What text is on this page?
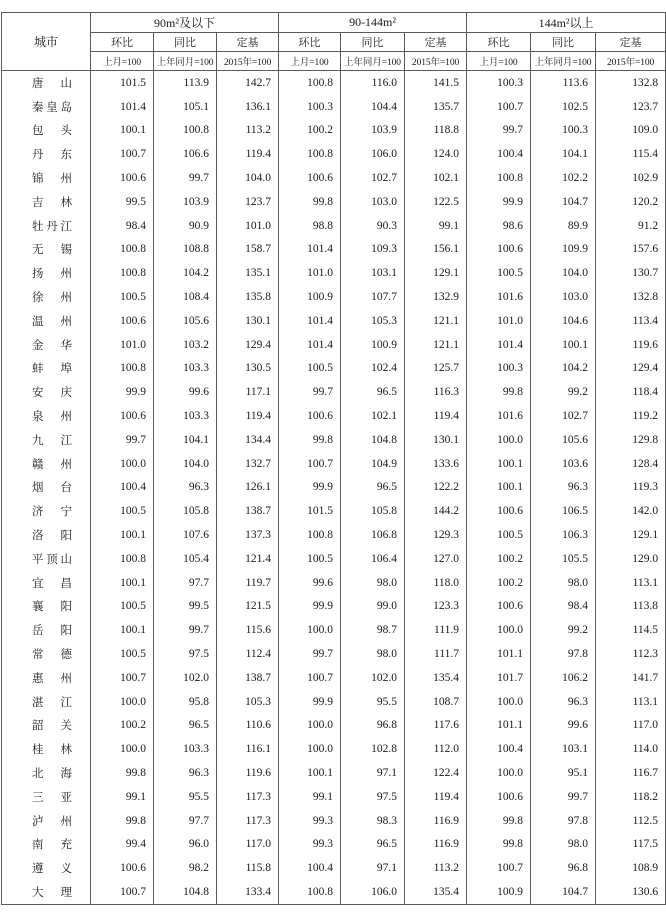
城市	90m²及以下			90-144m²			144m²以上		
	环比	同比	定基	环比	同比	定基	环比	同比	定基
	上月=100	上年同月=100	2015年=100	上月=100	上年同月=100	2015年=100	上月=100	上年同月=100	2015年=100
唐 山	101.5	113.9	142.7	100.8	116.0	141.5	100.3	113.6	132.8
秦皇岛	101.4	105.1	136.1	100.3	104.4	135.7	100.7	102.5	123.7
包 头	100.1	100.8	113.2	100.2	103.9	118.8	99.7	100.3	109.0
丹 东	100.7	106.6	119.4	100.8	106.0	124.0	100.4	104.1	115.4
锦 州	100.6	99.7	104.0	100.6	102.7	102.1	100.8	102.2	102.9
吉 林	99.5	103.9	123.7	99.8	103.0	122.5	99.9	104.7	120.2
牡丹江	98.4	90.9	101.0	98.8	90.3	99.1	98.6	89.9	91.2
无 锡	100.8	108.8	158.7	101.4	109.3	156.1	100.6	109.9	157.6
扬 州	100.8	104.2	135.1	101.0	103.1	129.1	100.5	104.0	130.7
徐 州	100.5	108.4	135.8	100.9	107.7	132.9	101.6	103.0	132.8
温 州	100.6	105.6	130.1	101.4	105.3	121.1	101.0	104.6	113.4
金 华	101.0	103.2	129.4	101.4	100.9	121.1	101.4	100.1	119.6
蚌 埠	100.8	103.3	130.5	100.5	102.4	125.7	100.3	104.2	129.4
安 庆	99.9	99.6	117.1	99.7	96.5	116.3	99.8	99.2	118.4
泉 州	100.6	103.3	119.4	100.6	102.1	119.4	101.6	102.7	119.2
九 江	99.7	104.1	134.4	99.8	104.8	130.1	100.0	105.6	129.8
赣 州	100.0	104.0	132.7	100.7	104.9	133.6	100.1	103.6	128.4
烟 台	100.4	96.3	126.1	99.9	96.5	122.2	100.1	96.3	119.3
济 宁	100.5	105.8	138.7	101.5	105.8	144.2	100.6	106.5	142.0
洛 阳	100.1	107.6	137.3	100.8	106.8	129.3	100.5	106.3	129.1
平顶山	100.8	105.4	121.4	100.5	106.4	127.0	100.2	105.5	129.0
宜 昌	100.1	97.7	119.7	99.6	98.0	118.0	100.2	98.0	113.1
襄 阳	100.5	99.5	121.5	99.9	99.0	123.3	100.6	98.4	113.8
岳 阳	100.1	99.7	115.6	100.0	98.7	111.9	100.0	99.2	114.5
常 德	100.5	97.5	112.4	99.7	98.0	111.7	101.1	97.8	112.3
惠 州	100.7	102.0	138.7	100.7	102.0	135.4	101.7	106.2	141.7
湛 江	100.0	95.8	105.3	99.9	95.5	108.7	100.0	96.3	113.1
韶 关	100.2	96.5	110.6	100.0	96.8	117.6	101.1	99.6	117.0
桂 林	100.0	103.3	116.1	100.0	102.8	112.0	100.4	103.1	114.0
北 海	99.8	96.3	119.6	100.1	97.1	122.4	100.0	95.1	116.7
三 亚	99.1	95.5	117.3	99.1	97.5	119.4	100.6	99.7	118.2
泸 州	99.8	97.7	117.3	99.3	98.3	116.9	99.8	97.8	112.5
南 充	99.4	96.0	117.0	99.3	96.5	116.9	99.8	98.0	117.5
遵 义	100.6	98.2	115.8	100.4	97.1	113.2	100.7	96.8	108.9
大 理	100.7	104.8	133.4	100.8	106.0	135.4	100.9	104.7	130.6
